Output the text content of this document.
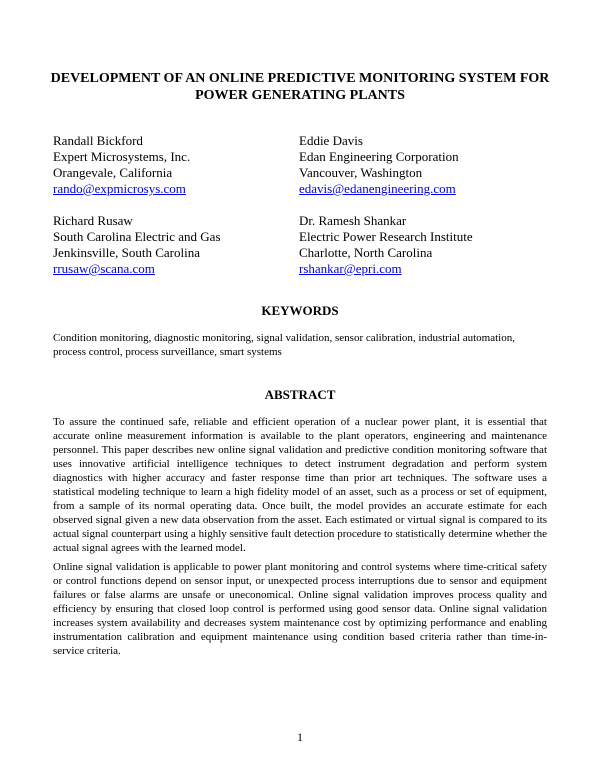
DEVELOPMENT OF AN ONLINE PREDICTIVE MONITORING SYSTEM FOR POWER GENERATING PLANTS
Randall Bickford
Expert Microsystems, Inc.
Orangevale, California
rando@expmicrosys.com
Eddie Davis
Edan Engineering Corporation
Vancouver, Washington
edavis@edanengineering.com
Richard Rusaw
South Carolina Electric and Gas
Jenkinsville, South Carolina
rrusaw@scana.com
Dr. Ramesh Shankar
Electric Power Research Institute
Charlotte, North Carolina
rshankar@epri.com
KEYWORDS

Condition monitoring, diagnostic monitoring, signal validation, sensor calibration, industrial automation, process control, process surveillance, smart systems

ABSTRACT

To assure the continued safe, reliable and efficient operation of a nuclear power plant, it is essential that accurate online measurement information is available to the plant operators, engineering and maintenance personnel. This paper describes new online signal validation and predictive condition monitoring software that uses innovative artificial intelligence techniques to detect instrument degradation and perform system diagnostics with higher accuracy and faster response time than prior art techniques. The software uses a statistical modeling technique to learn a high fidelity model of an asset, such as a process or set of equipment, from a sample of its normal operating data. Once built, the model provides an accurate estimate for each observed signal given a new data observation from the asset. Each estimated or virtual signal is compared to its actual signal counterpart using a highly sensitive fault detection procedure to statistically determine whether the actual signal agrees with the learned model.

Online signal validation is applicable to power plant monitoring and control systems where time-critical safety or control functions depend on sensor input, or unexpected process interruptions due to sensor and equipment failures or false alarms are unsafe or uneconomical. Online signal validation improves process quality and efficiency by ensuring that closed loop control is performed using good sensor data. Online signal validation increases system availability and decreases system maintenance cost by optimizing performance and enabling instrumentation calibration and equipment maintenance using condition based criteria rather than time-in-service criteria.

1
